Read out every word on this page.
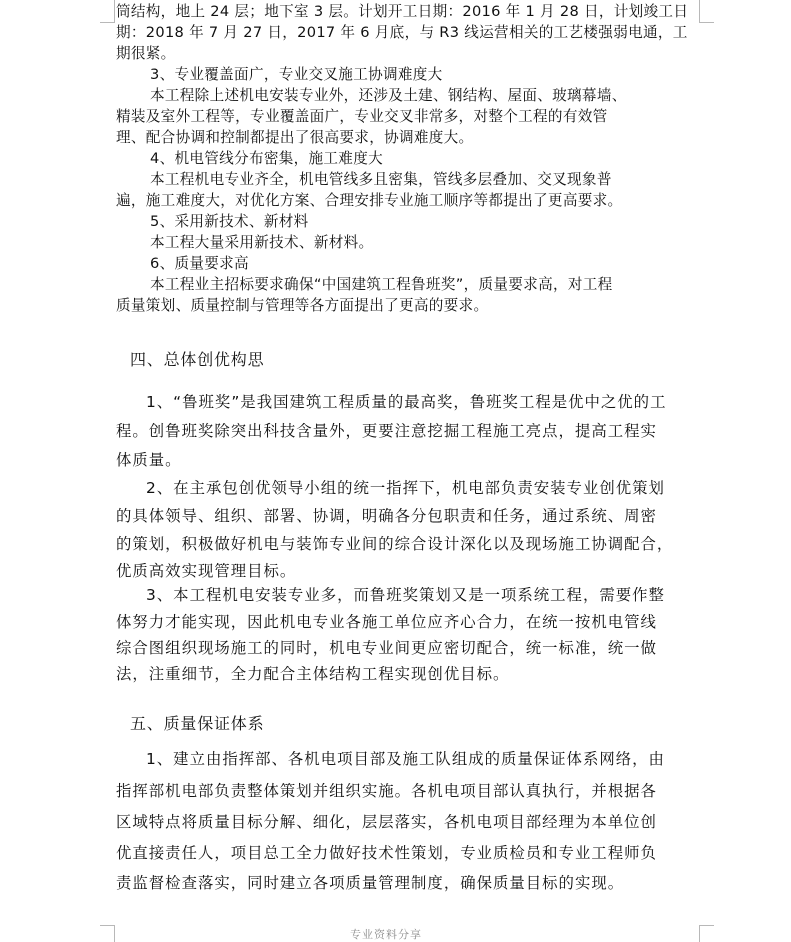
筒结构，地上 24 层；地下室 3 层。计划开工日期：2016 年 1 月 28 日，计划竣工日
期：2018 年 7 月 27 日，2017 年 6 月底，与 R3 线运营相关的工艺楼强弱电通，工
期很紧。
3、专业覆盖面广，专业交叉施工协调难度大
本工程除上述机电安装专业外，还涉及土建、钢结构、屋面、玻璃幕墙、
精装及室外工程等，专业覆盖面广，专业交叉非常多，对整个工程的有效管
理、配合协调和控制都提出了很高要求，协调难度大。
4、机电管线分布密集，施工难度大
本工程机电专业齐全，机电管线多且密集，管线多层叠加、交叉现象普
遍，施工难度大，对优化方案、合理安排专业施工顺序等都提出了更高要求。
5、采用新技术、新材料
本工程大量采用新技术、新材料。
6、质量要求高
本工程业主招标要求确保“中国建筑工程鲁班奖”，质量要求高，对工程
质量策划、质量控制与管理等各方面提出了更高的要求。
四、总体创优构思
1、“鲁班奖”是我国建筑工程质量的最高奖，鲁班奖工程是优中之优的工
程。创鲁班奖除突出科技含量外，更要注意挖掘工程施工亮点，提高工程实
体质量。
2、在主承包创优领导小组的统一指挥下，机电部负责安装专业创优策划
的具体领导、组织、部署、协调，明确各分包职责和任务，通过系统、周密
的策划，积极做好机电与装饰专业间的综合设计深化以及现场施工协调配合，
优质高效实现管理目标。
3、本工程机电安装专业多，而鲁班奖策划又是一项系统工程，需要作整
体努力才能实现，因此机电专业各施工单位应齐心合力，在统一按机电管线
综合图组织现场施工的同时，机电专业间更应密切配合，统一标准，统一做
法，注重细节，全力配合主体结构工程实现创优目标。
五、质量保证体系
1、建立由指挥部、各机电项目部及施工队组成的质量保证体系网络，由
指挥部机电部负责整体策划并组织实施。各机电项目部认真执行，并根据各
区域特点将质量目标分解、细化，层层落实，各机电项目部经理为本单位创
优直接责任人，项目总工全力做好技术性策划，专业质检员和专业工程师负
责监督检查落实，同时建立各项质量管理制度，确保质量目标的实现。
专业资料分享
